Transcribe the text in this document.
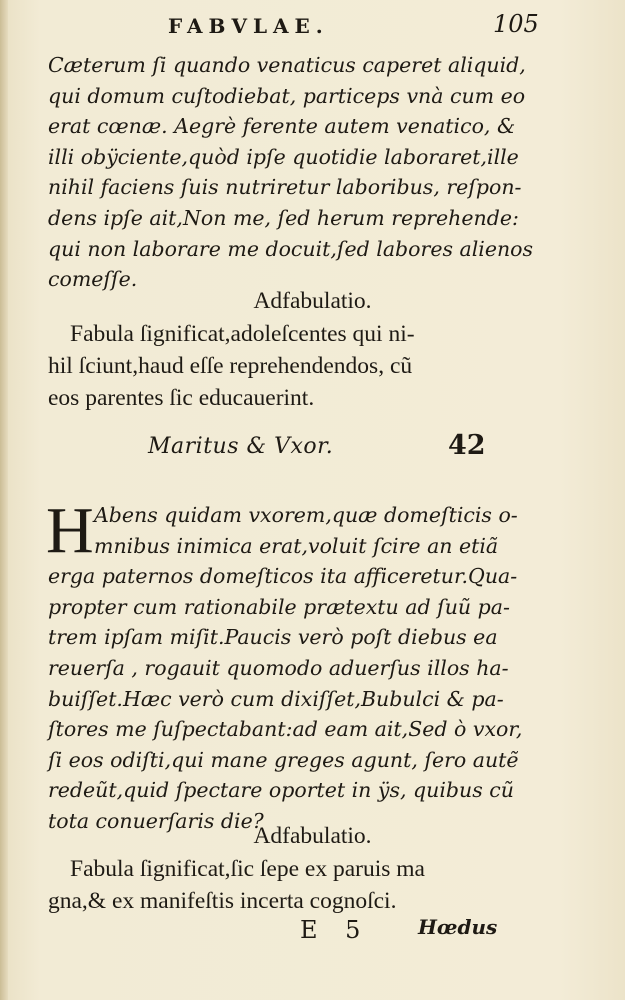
FABVLAE.	105
Cæterum ſi quando venaticus caperet aliquid,
qui domum cuſtodiebat, particeps vnà cum eo
erat cœnæ. Aegrè ferente autem venatico, &
illi obÿciente,quòd ipſe quotidie laboraret,ille
nihil faciens ſuis nutriretur laboribus, reſpon-
dens ipſe ait,Non me, ſed herum reprehende:
qui non laborare me docuit,ſed labores alienos
comeſſe.
Adfabulatio.
Fabula ſignificat,adoleſcentes qui ni-
hil ſciunt,haud eſſe reprehendendos, cũ
eos parentes ſic educauerint.
Maritus & Vxor.	42
H Abens quidam vxorem,quæ domeſticis o-
mnibus inimica erat,voluit ſcire an etiã
erga paternos domeſticos ita afficeretur.Qua-
propter cum rationabile prætextu ad ſuũ pa-
trem ipſam miſit.Paucis verò poſt diebus ea
reuerſa , rogauit quomodo aduerſus illos ha-
buiſſet.Hæc verò cum dixiſſet,Bubulci & pa-
ſtores me ſuſpectabant:ad eam ait,Sed ò vxor,
ſi eos odiſti,qui mane greges agunt, ſero autẽ
redeũt,quid ſpectare oportet in ÿs, quibus cũ
tota conuerſaris die?
Adfabulatio.
Fabula ſignificat,ſic ſepe ex paruis ma
gna,& ex manifeſtis incerta cognoſci.
E 5 Hœdus
